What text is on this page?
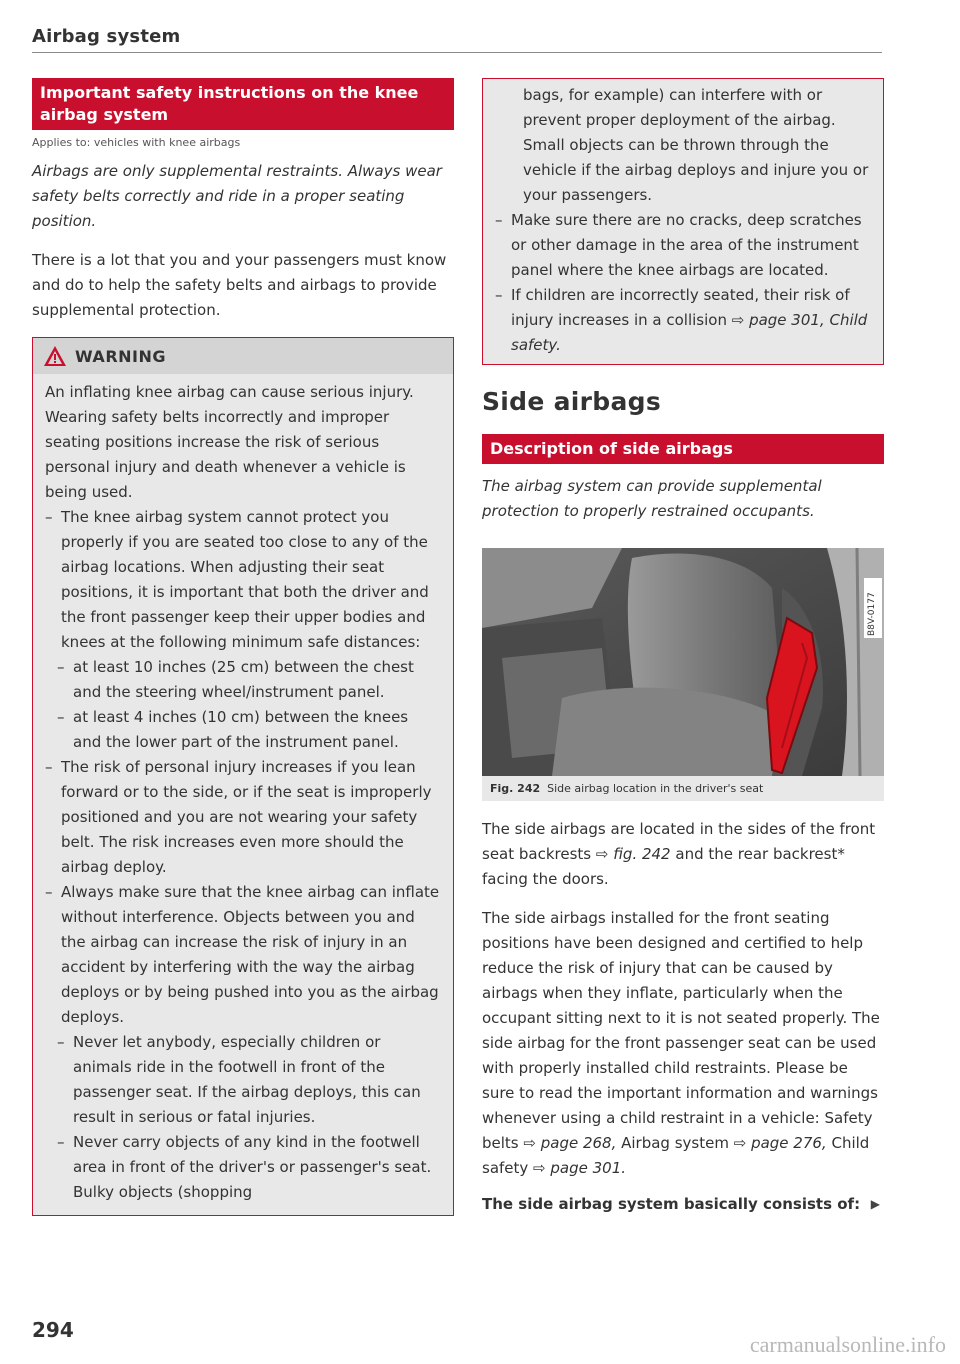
Airbag system
Important safety instructions on the knee airbag system
Applies to: vehicles with knee airbags
Airbags are only supplemental restraints. Always wear safety belts correctly and ride in a proper seating position.
There is a lot that you and your passengers must know and do to help the safety belts and airbags to provide supplemental protection.
WARNING
An inflating knee airbag can cause serious injury. Wearing safety belts incorrectly and improper seating positions increase the risk of serious personal injury and death whenever a vehicle is being used.
– The knee airbag system cannot protect you properly if you are seated too close to any of the airbag locations. When adjusting their seat positions, it is important that both the driver and the front passenger keep their upper bodies and knees at the following minimum safe distances:
– at least 10 inches (25 cm) between the chest and the steering wheel/instrument panel.
– at least 4 inches (10 cm) between the knees and the lower part of the instrument panel.
– The risk of personal injury increases if you lean forward or to the side, or if the seat is improperly positioned and you are not wearing your safety belt. The risk increases even more should the airbag deploy.
– Always make sure that the knee airbag can inflate without interference. Objects between you and the airbag can increase the risk of injury in an accident by interfering with the way the airbag deploys or by being pushed into you as the airbag deploys.
– Never let anybody, especially children or animals ride in the footwell in front of the passenger seat. If the airbag deploys, this can result in serious or fatal injuries.
– Never carry objects of any kind in the footwell area in front of the driver's or passenger's seat. Bulky objects (shopping
bags, for example) can interfere with or prevent proper deployment of the airbag. Small objects can be thrown through the vehicle if the airbag deploys and injure you or your passengers.
– Make sure there are no cracks, deep scratches or other damage in the area of the instrument panel where the knee airbags are located.
– If children are incorrectly seated, their risk of injury increases in a collision ⇨ page 301, Child safety.
Side airbags
Description of side airbags
The airbag system can provide supplemental protection to properly restrained occupants.
B8V-0177
Fig. 242 Side airbag location in the driver's seat
The side airbags are located in the sides of the front seat backrests ⇨ fig. 242 and the rear backrest* facing the doors.
The side airbags installed for the front seating positions have been designed and certified to help reduce the risk of injury that can be caused by airbags when they inflate, particularly when the occupant sitting next to it is not seated properly. The side airbag for the front passenger seat can be used with properly installed child restraints. Please be sure to read the important information and warnings whenever using a child restraint in a vehicle: Safety belts ⇨ page 268, Airbag system ⇨ page 276, Child safety ⇨ page 301.
The side airbag system basically consists of: ▶
294
carmanualsonline.info
